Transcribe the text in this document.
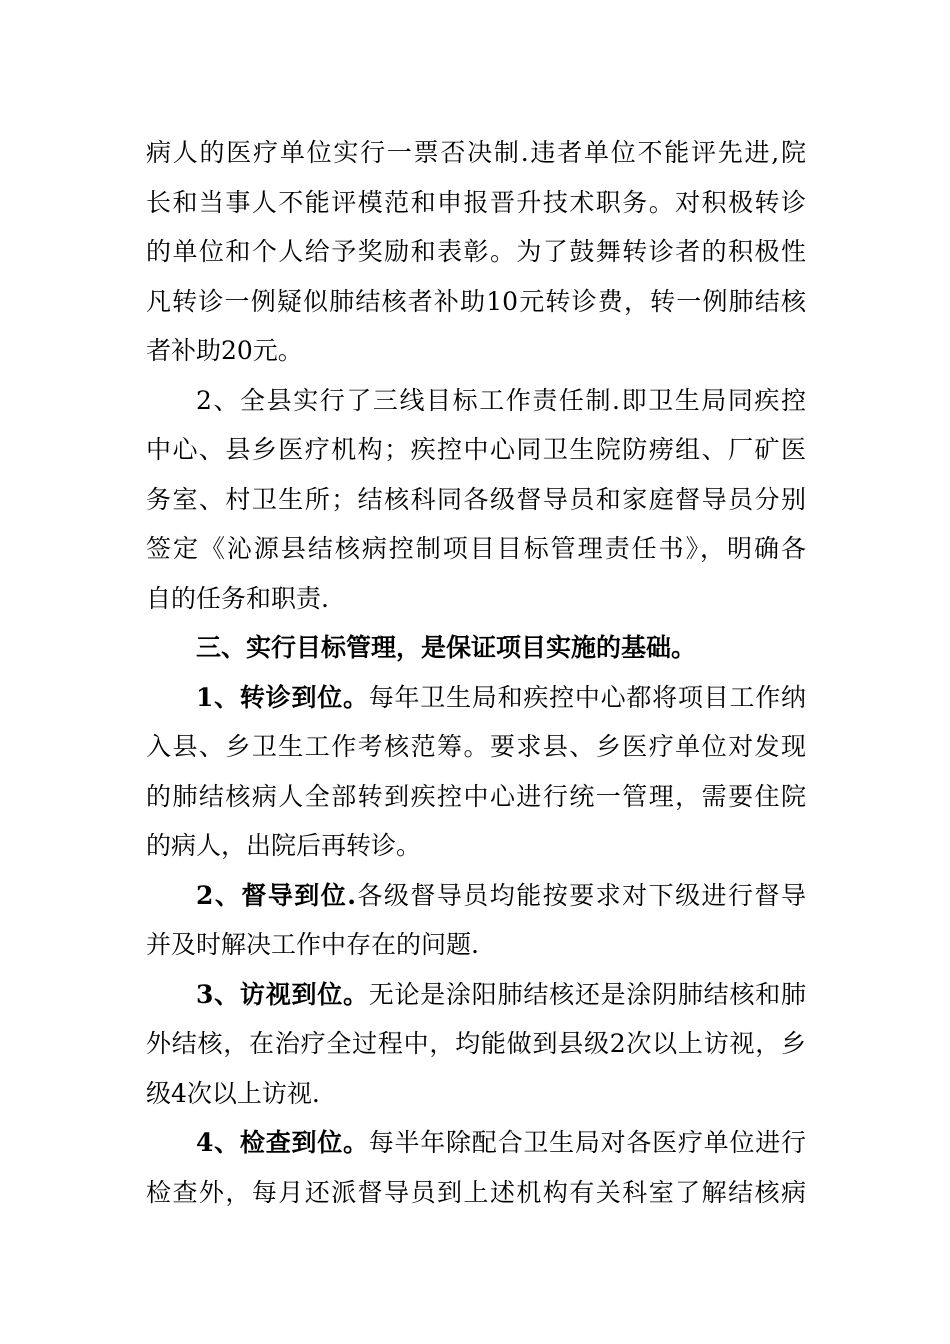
病人的医疗单位实行一票否决制.违者单位不能评先进,院
长和当事人不能评模范和申报晋升技术职务。对积极转诊
的单位和个人给予奖励和表彰。为了鼓舞转诊者的积极性
凡转诊一例疑似肺结核者补助10元转诊费，转一例肺结核
者补助20元。
2、全县实行了三线目标工作责任制.即卫生局同疾控
中心、县乡医疗机构；疾控中心同卫生院防痨组、厂矿医
务室、村卫生所；结核科同各级督导员和家庭督导员分别
签定《沁源县结核病控制项目目标管理责任书》，明确各
自的任务和职责.
三、实行目标管理，是保证项目实施的基础。
1、转诊到位。每年卫生局和疾控中心都将项目工作纳
入县、乡卫生工作考核范筹。要求县、乡医疗单位对发现
的肺结核病人全部转到疾控中心进行统一管理，需要住院
的病人，出院后再转诊。
2、督导到位.各级督导员均能按要求对下级进行督导
并及时解决工作中存在的问题.
3、访视到位。无论是涂阳肺结核还是涂阴肺结核和肺
外结核，在治疗全过程中，均能做到县级2次以上访视，乡
级4次以上访视.
4、检查到位。每半年除配合卫生局对各医疗单位进行
检查外，每月还派督导员到上述机构有关科室了解结核病
